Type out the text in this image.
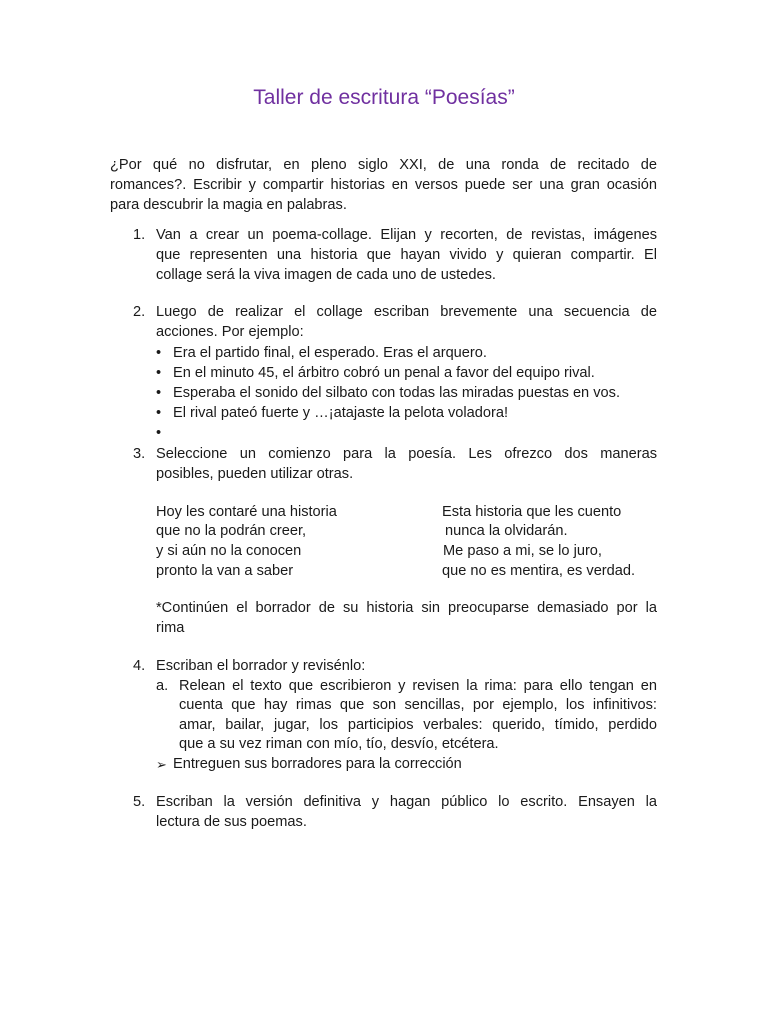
Taller de escritura “Poesías”

¿Por qué no disfrutar, en pleno siglo XXI, de una ronda de recitado de

romances?. Escribir y compartir historias en versos puede ser una gran ocasión

para descubrir la magia en palabras.

1. Van a crear un poema-collage. Elijan y recorten, de revistas, imágenes

que representen una historia que hayan vivido y quieran compartir. El

collage será la viva imagen de cada uno de ustedes.

2. Luego de realizar el collage escriban brevemente una secuencia de

acciones. Por ejemplo:

• Era el partido final, el esperado. Eras el arquero.

• En el minuto 45, el árbitro cobró un penal a favor del equipo rival.

• Esperaba el sonido del silbato con todas las miradas puestas en vos.

• El rival pateó fuerte y …¡atajaste la pelota voladora!

•

3. Seleccione un comienzo para la poesía. Les ofrezco dos maneras

posibles, pueden utilizar otras.

Hoy les contaré una historia

que no la podrán creer,

y si aún no la conocen

pronto la van a saber

Esta historia que les cuento

nunca la olvidarán.

Me paso a mi, se lo juro,

que no es mentira, es verdad.

*Continúen el borrador de su historia sin preocuparse demasiado por la

rima

4. Escriban el borrador y revisénlo:

a. Relean el texto que escribieron y revisen la rima: para ello tengan en

cuenta que hay rimas que son sencillas, por ejemplo, los infinitivos:

amar, bailar, jugar, los participios verbales: querido, tímido, perdido

que a su vez riman con mío, tío, desvío, etcétera.

➢ Entreguen sus borradores para la corrección

5. Escriban la versión definitiva y hagan público lo escrito. Ensayen la

lectura de sus poemas.
